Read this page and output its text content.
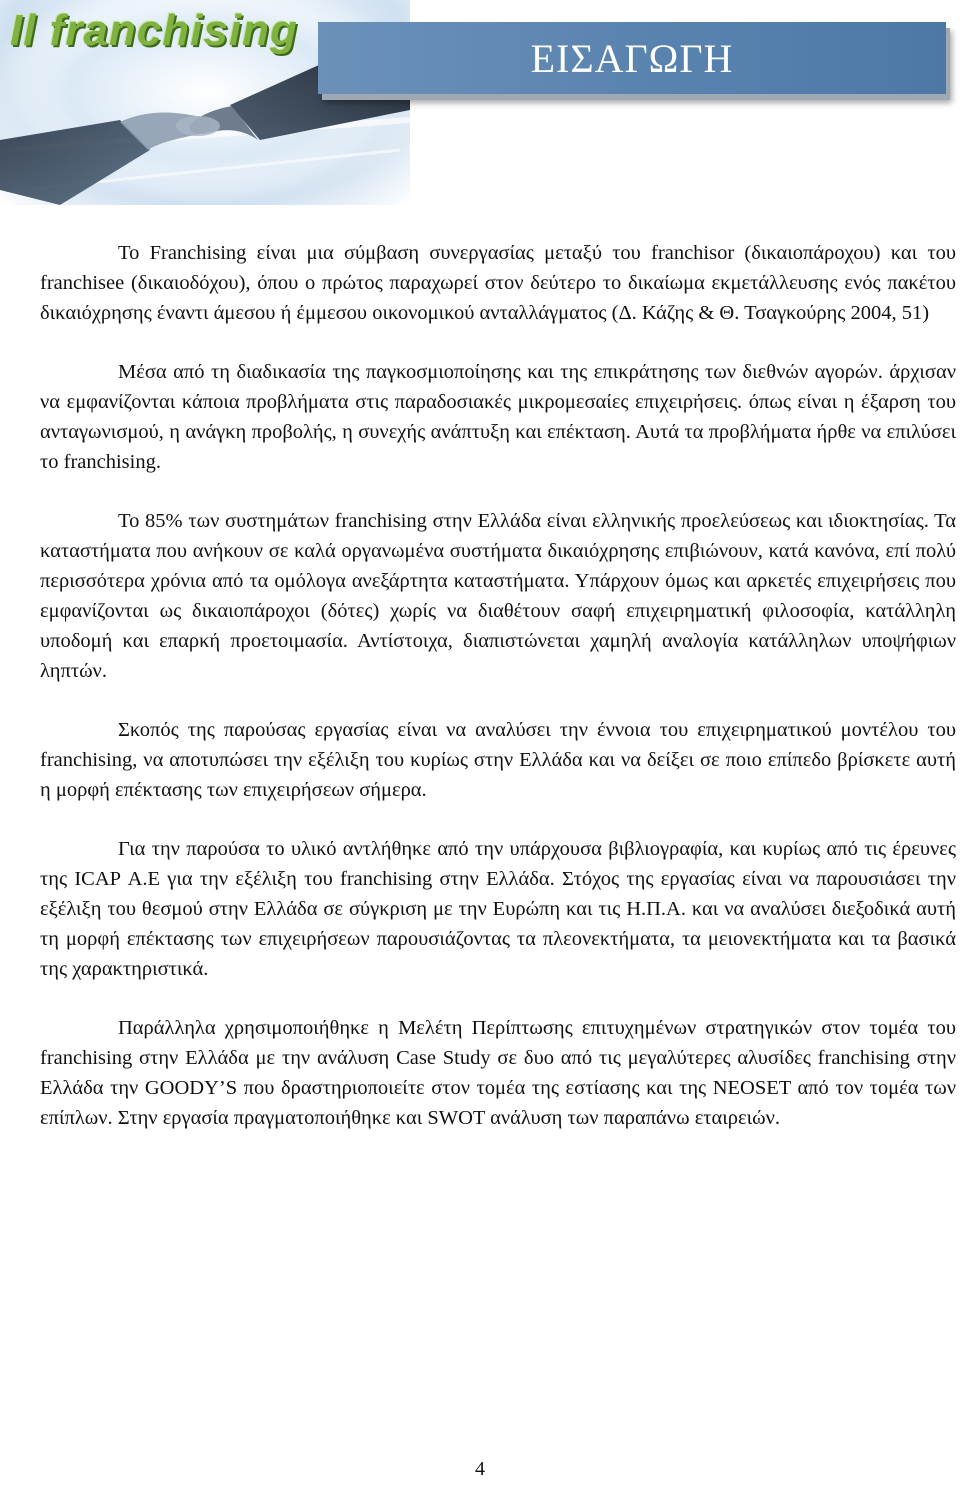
Il franchising
ΕΙΣΑΓΩΓΗ

Το Franchising είναι μια σύμβαση συνεργασίας μεταξύ του franchisor (δικαιοπάροχου) και του franchisee (δικαιοδόχου), όπου ο πρώτος παραχωρεί στον δεύτερο το δικαίωμα εκμετάλλευσης ενός πακέτου δικαιόχρησης έναντι άμεσου ή έμμεσου οικονομικού ανταλλάγματος (Δ. Κάζης & Θ. Τσαγκούρης 2004, 51)

Μέσα από τη διαδικασία της παγκοσμιοποίησης και της επικράτησης των διεθνών αγορών. άρχισαν να εμφανίζονται κάποια προβλήματα στις παραδοσιακές μικρομεσαίες επιχειρήσεις. όπως είναι η έξαρση του ανταγωνισμού, η ανάγκη προβολής, η συνεχής ανάπτυξη και επέκταση. Αυτά τα προβλήματα ήρθε να επιλύσει το franchising.

Το 85% των συστημάτων franchising στην Ελλάδα είναι ελληνικής προελεύσεως και ιδιοκτησίας. Τα καταστήματα που ανήκουν σε καλά οργανωμένα συστήματα δικαιόχρησης επιβιώνουν, κατά κανόνα, επί πολύ περισσότερα χρόνια από τα ομόλογα ανεξάρτητα καταστήματα. Υπάρχουν όμως και αρκετές επιχειρήσεις που εμφανίζονται ως δικαιοπάροχοι (δότες) χωρίς να διαθέτουν σαφή επιχειρηματική φιλοσοφία, κατάλληλη υποδομή και επαρκή προετοιμασία. Αντίστοιχα, διαπιστώνεται χαμηλή αναλογία κατάλληλων υποψήφιων ληπτών.

Σκοπός της παρούσας εργασίας είναι να αναλύσει την έννοια του επιχειρηματικού μοντέλου του franchising, να αποτυπώσει την εξέλιξη του κυρίως στην Ελλάδα και να δείξει σε ποιο επίπεδο βρίσκετε αυτή η μορφή επέκτασης των επιχειρήσεων σήμερα.

Για την παρούσα το υλικό αντλήθηκε από την υπάρχουσα βιβλιογραφία, και κυρίως από τις έρευνες της ICAP Α.Ε για την εξέλιξη του franchising στην Ελλάδα. Στόχος της εργασίας είναι να παρουσιάσει την εξέλιξη του θεσμού στην Ελλάδα σε σύγκριση με την Ευρώπη και τις Η.Π.Α. και να αναλύσει διεξοδικά αυτή τη μορφή επέκτασης των επιχειρήσεων παρουσιάζοντας τα πλεονεκτήματα, τα μειονεκτήματα και τα βασικά της χαρακτηριστικά.

Παράλληλα χρησιμοποιήθηκε η Μελέτη Περίπτωσης επιτυχημένων στρατηγικών στον τομέα του franchising στην Ελλάδα με την ανάλυση Case Study σε δυο από τις μεγαλύτερες αλυσίδες franchising στην Ελλάδα την GOODY’S που δραστηριοποιείτε στον τομέα της εστίασης και της NEOSET από τον τομέα των επίπλων. Στην εργασία πραγματοποιήθηκε και SWOT ανάλυση των παραπάνω εταιρειών.

4
